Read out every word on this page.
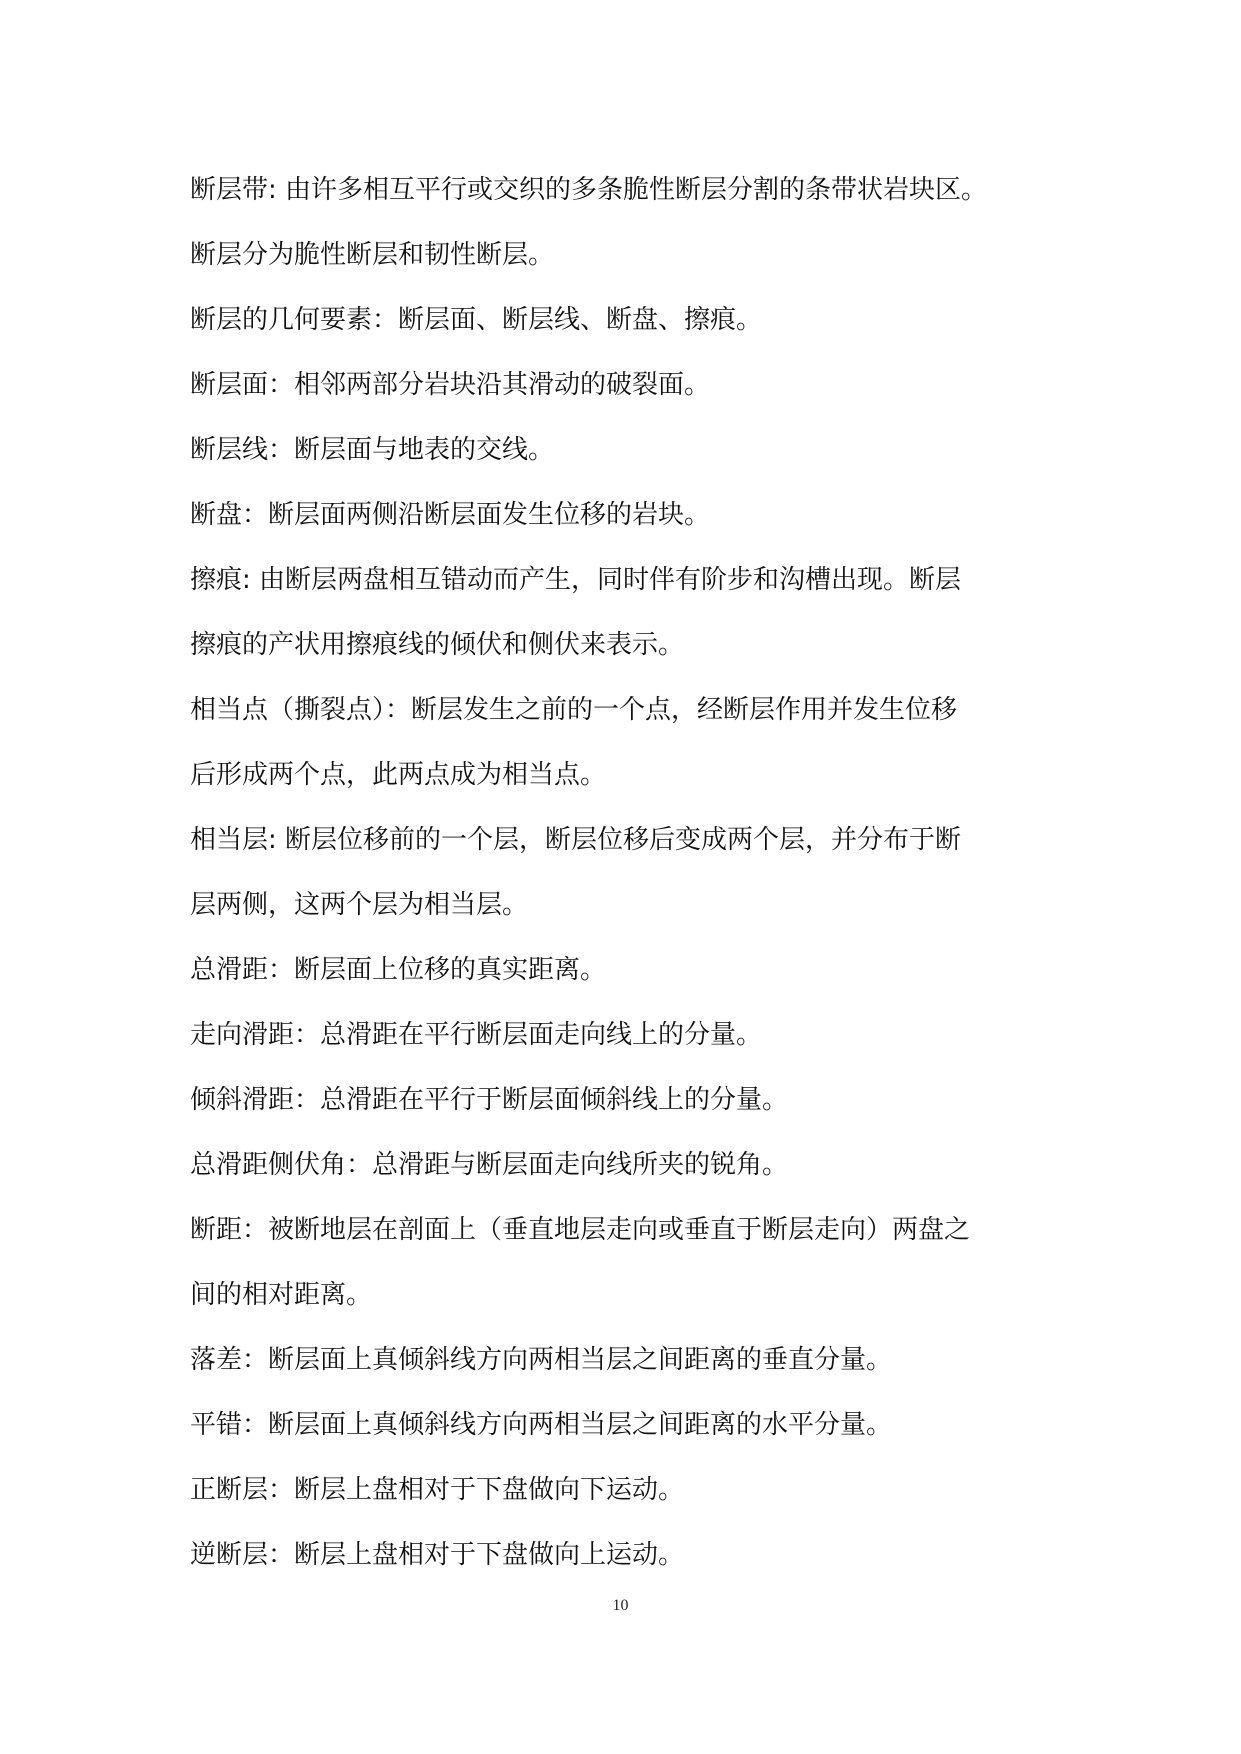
断层带: 由许多相互平行或交织的多条脆性断层分割的条带状岩块区。

断层分为脆性断层和韧性断层。

断层的几何要素：断层面、断层线、断盘、擦痕。

断层面：相邻两部分岩块沿其滑动的破裂面。

断层线：断层面与地表的交线。

断盘：断层面两侧沿断层面发生位移的岩块。

擦痕: 由断层两盘相互错动而产生，同时伴有阶步和沟槽出现。断层

擦痕的产状用擦痕线的倾伏和侧伏来表示。

相当点（撕裂点）：断层发生之前的一个点，经断层作用并发生位移

后形成两个点，此两点成为相当点。

相当层: 断层位移前的一个层，断层位移后变成两个层，并分布于断

层两侧，这两个层为相当层。

总滑距：断层面上位移的真实距离。

走向滑距：总滑距在平行断层面走向线上的分量。

倾斜滑距：总滑距在平行于断层面倾斜线上的分量。

总滑距侧伏角：总滑距与断层面走向线所夹的锐角。

断距：被断地层在剖面上（垂直地层走向或垂直于断层走向）两盘之

间的相对距离。

落差：断层面上真倾斜线方向两相当层之间距离的垂直分量。

平错：断层面上真倾斜线方向两相当层之间距离的水平分量。

正断层：断层上盘相对于下盘做向下运动。

逆断层：断层上盘相对于下盘做向上运动。

10
